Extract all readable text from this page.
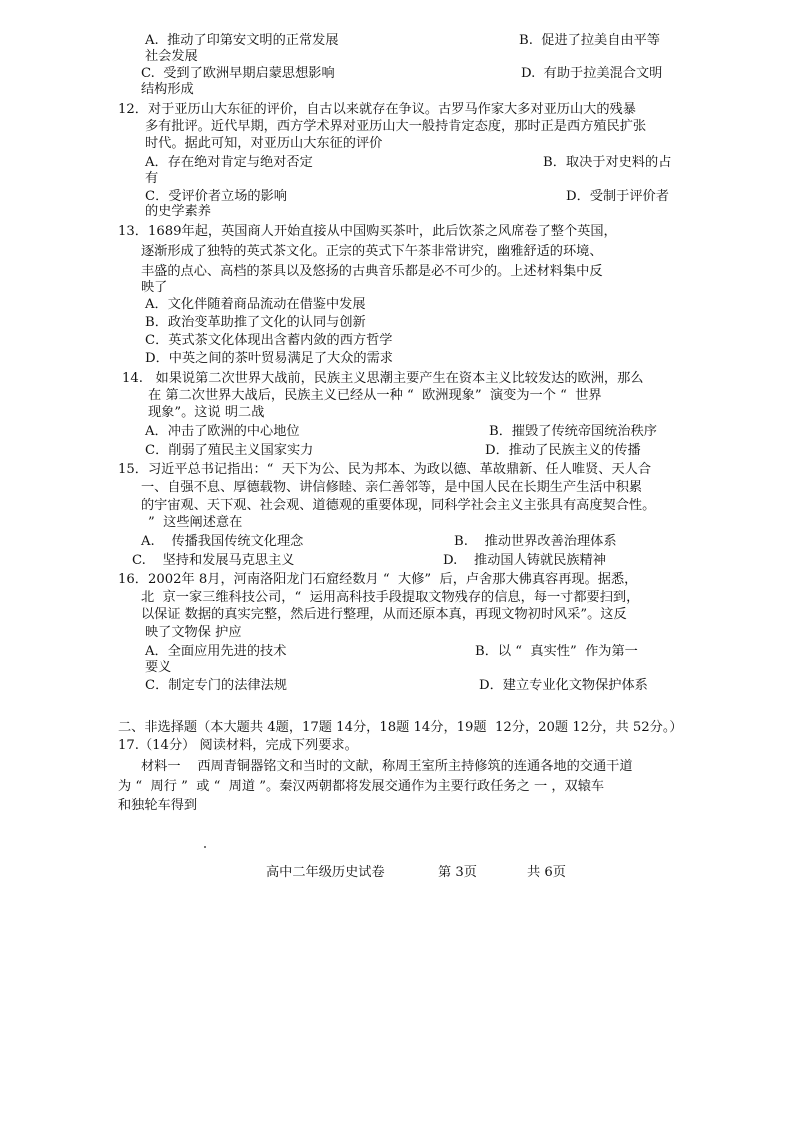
A.  推动了印第安文明的正常发展	B.  促进了拉美自由平等
社会发展
C.  受到了欧洲早期启蒙思想影响	D.  有助于拉美混合文明
结构形成
12．对于亚历山大东征的评价，自古以来就存在争议。古罗马作家大多对亚历山大的残暴
多有批评。近代早期，西方学术界对亚历山大一般持肯定态度，那时正是西方殖民扩张
时代。据此可知，对亚历山大东征的评价
A．存在绝对肯定与绝对否定	B．取决于对史料的占
有
C．受评价者立场的影响	D．受制于评价者
的史学素养
13．1689年起，英国商人开始直接从中国购买茶叶，此后饮茶之风席卷了整个英国，
逐渐形成了独特的英式茶文化。正宗的英式下午茶非常讲究，幽雅舒适的环境、
丰盛的点心、高档的茶具以及悠扬的古典音乐都是必不可少的。上述材料集中反
映了
A．文化伴随着商品流动在借鉴中发展
B．政治变革助推了文化的认同与创新
C．英式茶文化体现出含蓄内敛的西方哲学
D．中英之间的茶叶贸易满足了大众的需求
14.   如果说第二次世界大战前，民族主义思潮主要产生在资本主义比较发达的欧洲，那么
在 第二次世界大战后，民族主义已经从一种 “  欧洲现象”  演变为一个 “  世界
现象”。这说 明二战
A．冲击了欧洲的中心地位	B．摧毁了传统帝国统治秩序
C．削弱了殖民主义国家实力	D．推动了民族主义的传播
15．习近平总书记指出：“  天下为公、民为邦本、为政以德、革故鼎新、任人唯贤、天人合
一、自强不息、厚德载物、讲信修睦、亲仁善邻等，是中国人民在长期生产生活中积累
的宇宙观、天下观、社会观、道德观的重要体现，同科学社会主义主张具有高度契合性。
”  这些阐述意在
A.    传播我国传统文化理念	B.    推动世界改善治理体系
C.    坚持和发展马克思主义	D.    推动国人铸就民族精神
16．2002年 8月，河南洛阳龙门石窟经数月 “  大修”  后，卢舍那大佛真容再现。据悉，
北  京一家三维科技公司，“  运用高科技手段提取文物残存的信息，每一寸都要扫到，
以保证 数据的真实完整，然后进行整理，从而还原本真，再现文物初时风采”。这反
映了文物保 护应
A．全面应用先进的技术	B．以 “  真实性”  作为第一
要义
C．制定专门的法律法规	D．建立专业化文物保护体系
二、非选择题（本大题共 4题，17题 14分，18题 14分，19题  12分，20题 12分，共 52分。）
17.（14分） 阅读材料，完成下列要求。
材料一    西周青铜器铭文和当时的文献，称周王室所主持修筑的连通各地的交通干道
为 “  周行 ”  或 “  周道 ”。秦汉两朝都将发展交通作为主要行政任务之 一 ，双辕车
和独轮车得到
高中二年级历史试卷	第 3页	共 6页
